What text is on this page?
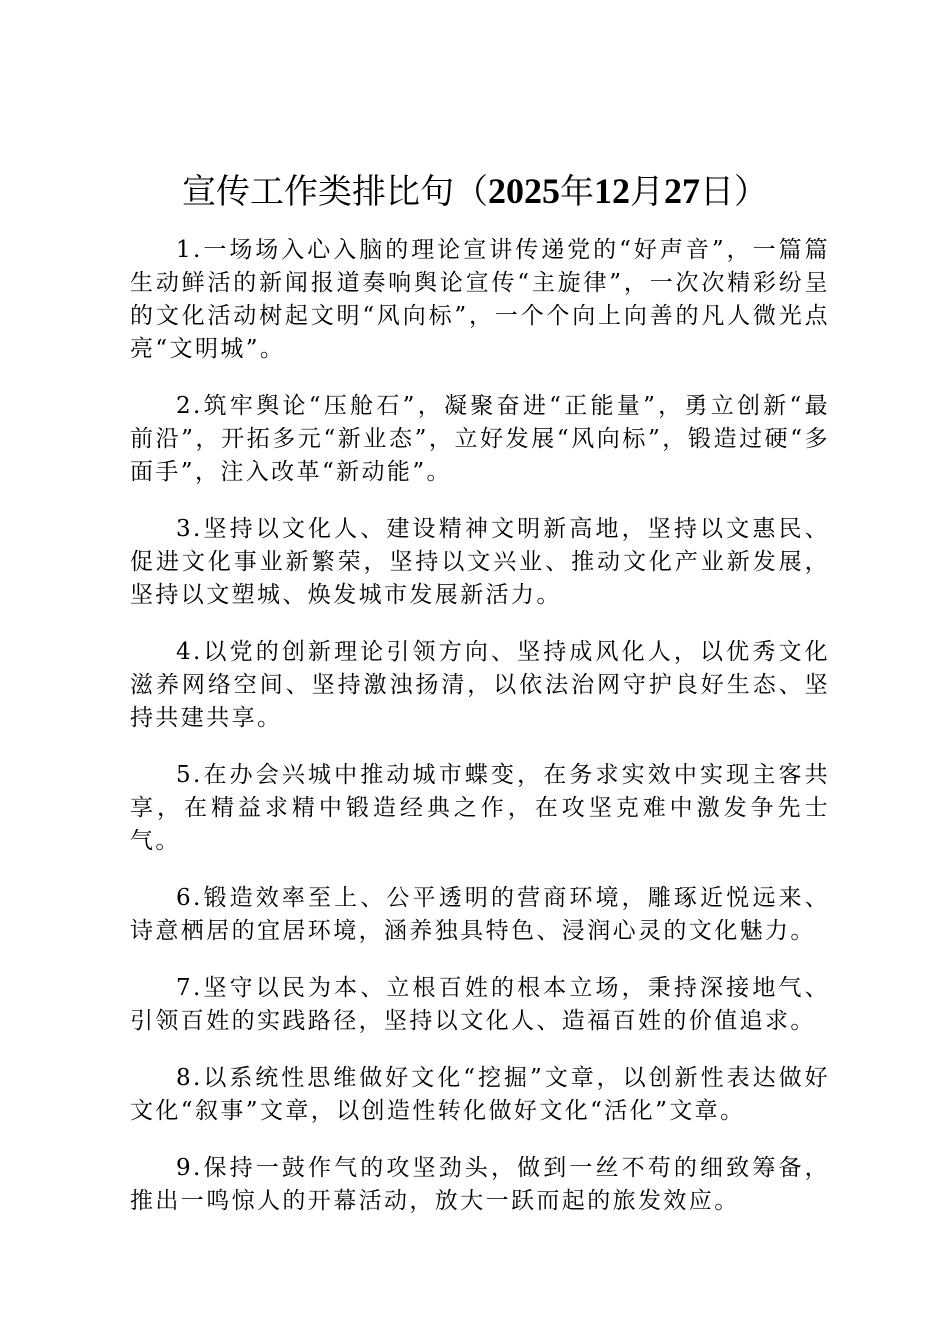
宣传工作类排比句（2025年12月27日）

1.一场场入心入脑的理论宣讲传递党的“好声音”，一篇篇生动鲜活的新闻报道奏响舆论宣传“主旋律”，一次次精彩纷呈的文化活动树起文明“风向标”，一个个向上向善的凡人微光点亮“文明城”。

2.筑牢舆论“压舱石”，凝聚奋进“正能量”，勇立创新“最前沿”，开拓多元“新业态”，立好发展“风向标”，锻造过硬“多面手”，注入改革“新动能”。

3.坚持以文化人、建设精神文明新高地，坚持以文惠民、促进文化事业新繁荣，坚持以文兴业、推动文化产业新发展，坚持以文塑城、焕发城市发展新活力。

4.以党的创新理论引领方向、坚持成风化人，以优秀文化滋养网络空间、坚持激浊扬清，以依法治网守护良好生态、坚持共建共享。

5.在办会兴城中推动城市蝶变，在务求实效中实现主客共享，在精益求精中锻造经典之作，在攻坚克难中激发争先士气。

6.锻造效率至上、公平透明的营商环境，雕琢近悦远来、诗意栖居的宜居环境，涵养独具特色、浸润心灵的文化魅力。

7.坚守以民为本、立根百姓的根本立场，秉持深接地气、引领百姓的实践路径，坚持以文化人、造福百姓的价值追求。

8.以系统性思维做好文化“挖掘”文章，以创新性表达做好文化“叙事”文章，以创造性转化做好文化“活化”文章。

9.保持一鼓作气的攻坚劲头，做到一丝不苟的细致筹备，推出一鸣惊人的开幕活动，放大一跃而起的旅发效应。
